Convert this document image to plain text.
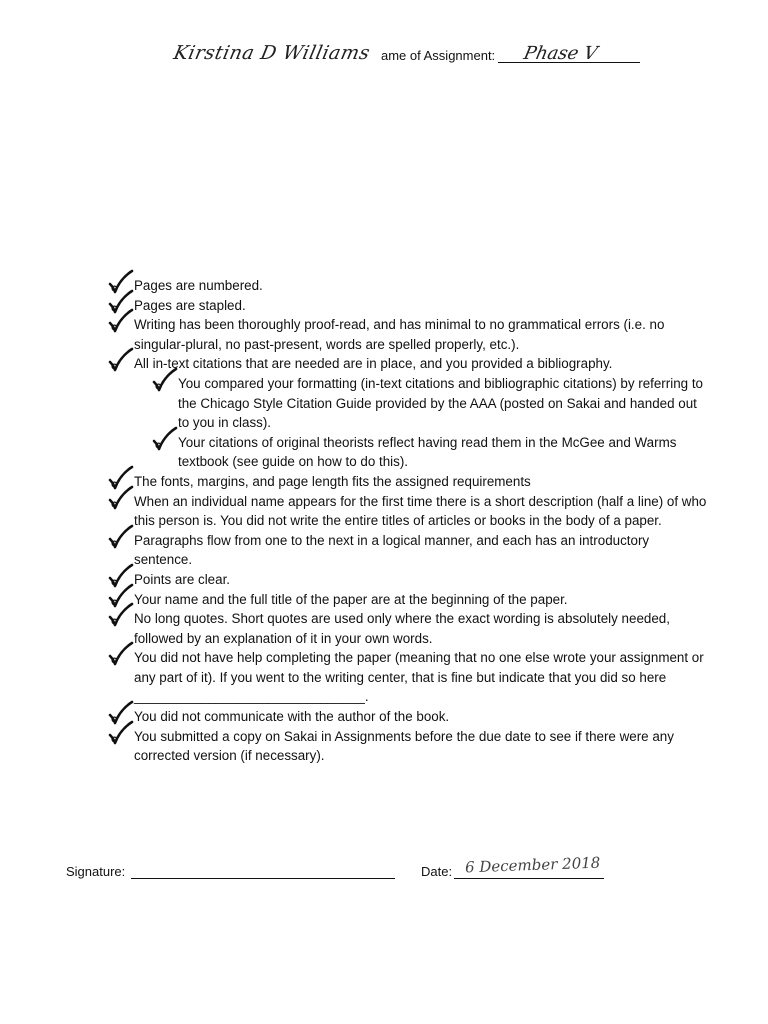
Kirstina D Williams ame of Assignment: Phase V
Pages are numbered.
Pages are stapled.
Writing has been thoroughly proof-read, and has minimal to no grammatical errors (i.e. no singular-plural, no past-present, words are spelled properly, etc.).
All in-text citations that are needed are in place, and you provided a bibliography.
You compared your formatting (in-text citations and bibliographic citations) by referring to the Chicago Style Citation Guide provided by the AAA (posted on Sakai and handed out to you in class).
Your citations of original theorists reflect having read them in the McGee and Warms textbook (see guide on how to do this).
The fonts, margins, and page length fits the assigned requirements
When an individual name appears for the first time there is a short description (half a line) of who this person is. You did not write the entire titles of articles or books in the body of a paper.
Paragraphs flow from one to the next in a logical manner, and each has an introductory sentence.
Points are clear.
Your name and the full title of the paper are at the beginning of the paper.
No long quotes. Short quotes are used only where the exact wording is absolutely needed, followed by an explanation of it in your own words.
You did not have help completing the paper (meaning that no one else wrote your assignment or any part of it). If you went to the writing center, that is fine but indicate that you did so here _______________________________.
You did not communicate with the author of the book.
You submitted a copy on Sakai in Assignments before the due date to see if there were any corrected version (if necessary).
Signature:	Date: 6 December 2018
